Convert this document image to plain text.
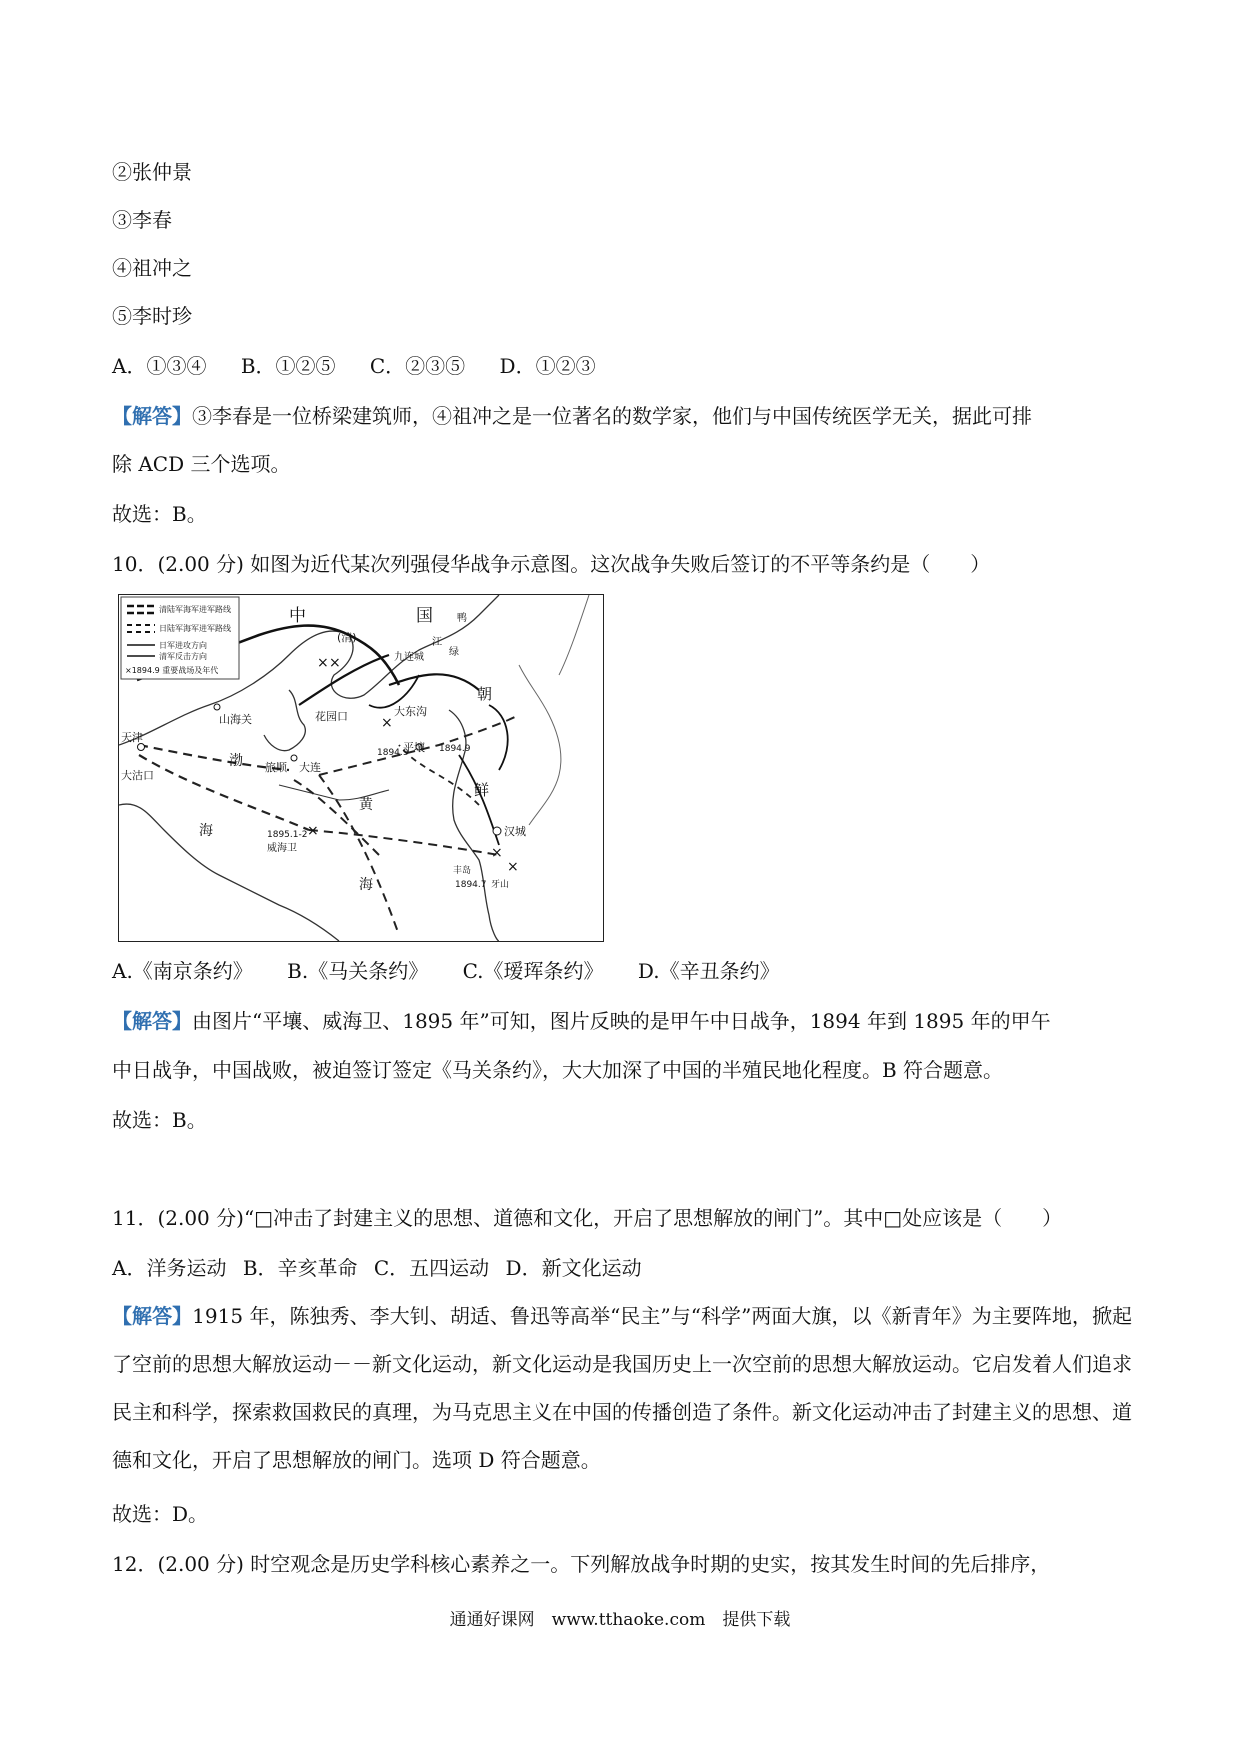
②张仲景
③李春
④祖冲之
⑤李时珍
A．①③④ B．①②⑤ C．②③⑤ D．①②③
【解答】③李春是一位桥梁建筑师，④祖冲之是一位著名的数学家，他们与中国传统医学无关，据此可排
除 ACD 三个选项。
故选：B。
10．(2.00 分) 如图为近代某次列强侵华战争示意图。这次战争失败后签订的不平等条约是（　　）
清陆军海军进军路线
日陆军海军进军路线
日军进攻方向
清军反击方向
×1894.9 重要战场及年代	× ×
×
×
×
×
中	国
(清)
九连城
鸭
绿
江
朝
鲜
山海关
天津
大沽口
渤
海
黄
海
旅顺 大连
花园口	大东沟
平壤
汉城
威海卫
1894.9	1894.9
1895.1-2
1894.7
丰岛
牙山
A.《南京条约》 B.《马关条约》 C.《瑷珲条约》 D.《辛丑条约》
【解答】由图片“平壤、威海卫、1895 年”可知，图片反映的是甲午中日战争，1894 年到 1895 年的甲午
中日战争，中国战败，被迫签订签定《马关条约》，大大加深了中国的半殖民地化程度。B 符合题意。
故选：B。
11．(2.00 分)“□冲击了封建主义的思想、道德和文化，开启了思想解放的闸门”。其中□处应该是（　　）
A．洋务运动 B．辛亥革命 C．五四运动 D．新文化运动
【解答】1915 年，陈独秀、李大钊、胡适、鲁迅等高举“民主”与“科学”两面大旗，以《新青年》为主要阵地，掀起了空前的思想大解放运动－－新文化运动，新文化运动是我国历史上一次空前的思想大解放运动。它启发着人们追求民主和科学，探索救国救民的真理，为马克思主义在中国的传播创造了条件。新文化运动冲击了封建主义的思想、道德和文化，开启了思想解放的闸门。选项 D 符合题意。
故选：D。
12．(2.00 分) 时空观念是历史学科核心素养之一。下列解放战争时期的史实，按其发生时间的先后排序，
通通好课网　www.tthaoke.com　提供下载
